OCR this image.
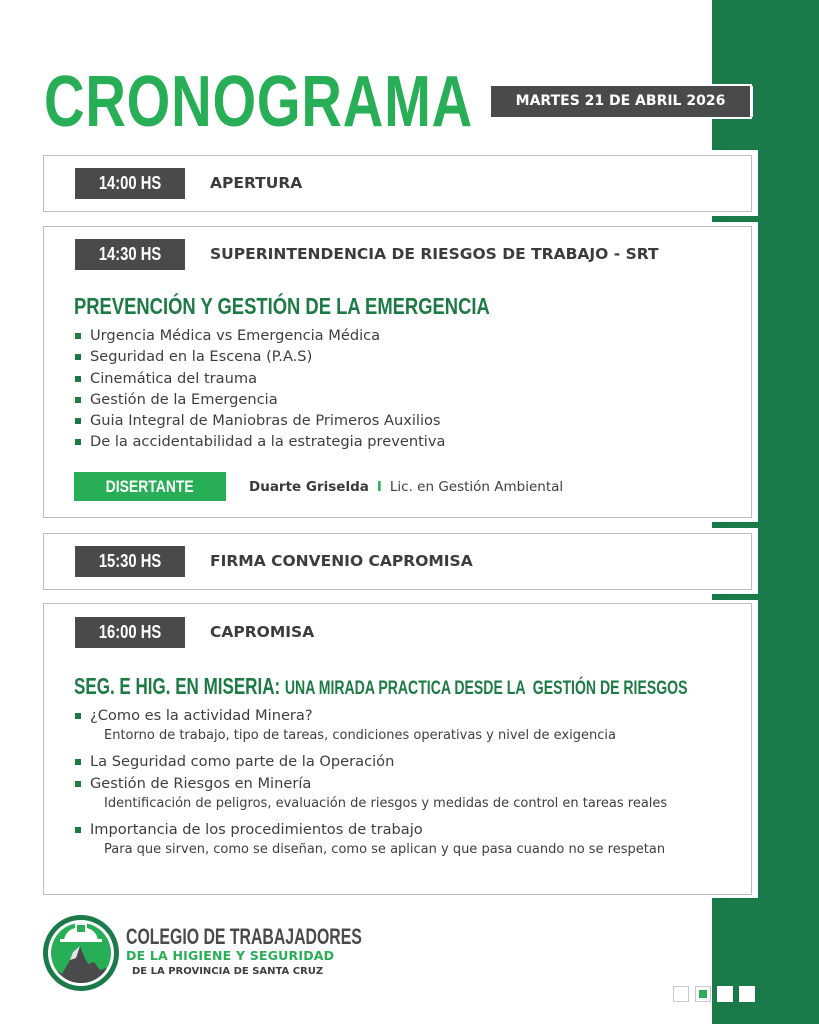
CRONOGRAMA	MARTES 21 DE ABRIL 2026
14:00 HS	APERTURA
14:30 HS	SUPERINTENDENCIA DE RIESGOS DE TRABAJO - SRT
PREVENCIÓN Y GESTIÓN DE LA EMERGENCIA
Urgencia Médica vs Emergencia Médica
Seguridad en la Escena (P.A.S)
Cinemática del trauma
Gestión de la Emergencia
Guia Integral de Maniobras de Primeros Auxilios
De la accidentabilidad a la estrategia preventiva
DISERTANTE	Duarte Griselda I Lic. en Gestión Ambiental
15:30 HS	FIRMA CONVENIO CAPROMISA
16:00 HS	CAPROMISA
SEG. E HIG. EN MISERIA: UNA MIRADA PRACTICA DESDE LA  GESTIÓN DE RIESGOS
¿Como es la actividad Minera?
Entorno de trabajo, tipo de tareas, condiciones operativas y nivel de exigencia
La Seguridad como parte de la Operación
Gestión de Riesgos en Minería
Identificación de peligros, evaluación de riesgos y medidas de control en tareas reales
Importancia de los procedimientos de trabajo
Para que sirven, como se diseñan, como se aplican y que pasa cuando no se respetan
COLEGIO DE TRABAJADORES
DE LA HIGIENE Y SEGURIDAD
DE LA PROVINCIA DE SANTA CRUZ
